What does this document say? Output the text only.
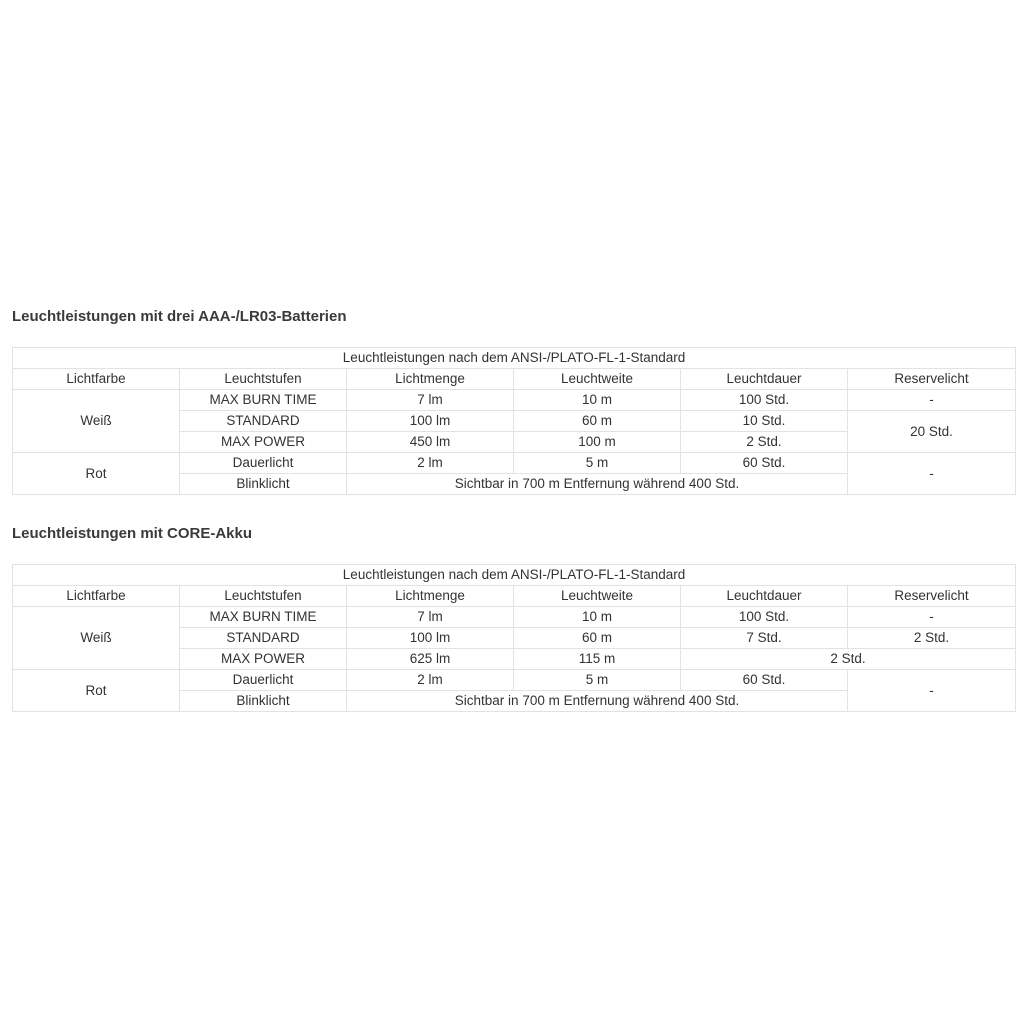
Leuchtleistungen mit drei AAA-/LR03-Batterien
Leuchtleistungen nach dem ANSI-/PLATO-FL-1-Standard					
Lichtfarbe	Leuchtstufen	Lichtmenge	Leuchtweite	Leuchtdauer	Reservelicht
Weiß	MAX BURN TIME	7 lm	10 m	100 Std.	-
	STANDARD	100 lm	60 m	10 Std.	20 Std.
	MAX POWER	450 lm	100 m	2 Std.	
Rot	Dauerlicht	2 lm	5 m	60 Std.	-
	Blinklicht	Sichtbar in 700 m Entfernung während 400 Std.			
Leuchtleistungen mit CORE-Akku
Leuchtleistungen nach dem ANSI-/PLATO-FL-1-Standard					
Lichtfarbe	Leuchtstufen	Lichtmenge	Leuchtweite	Leuchtdauer	Reservelicht
Weiß	MAX BURN TIME	7 lm	10 m	100 Std.	-
	STANDARD	100 lm	60 m	7 Std.	2 Std.
	MAX POWER	625 lm	115 m	2 Std.	
Rot	Dauerlicht	2 lm	5 m	60 Std.	-
	Blinklicht	Sichtbar in 700 m Entfernung während 400 Std.			
